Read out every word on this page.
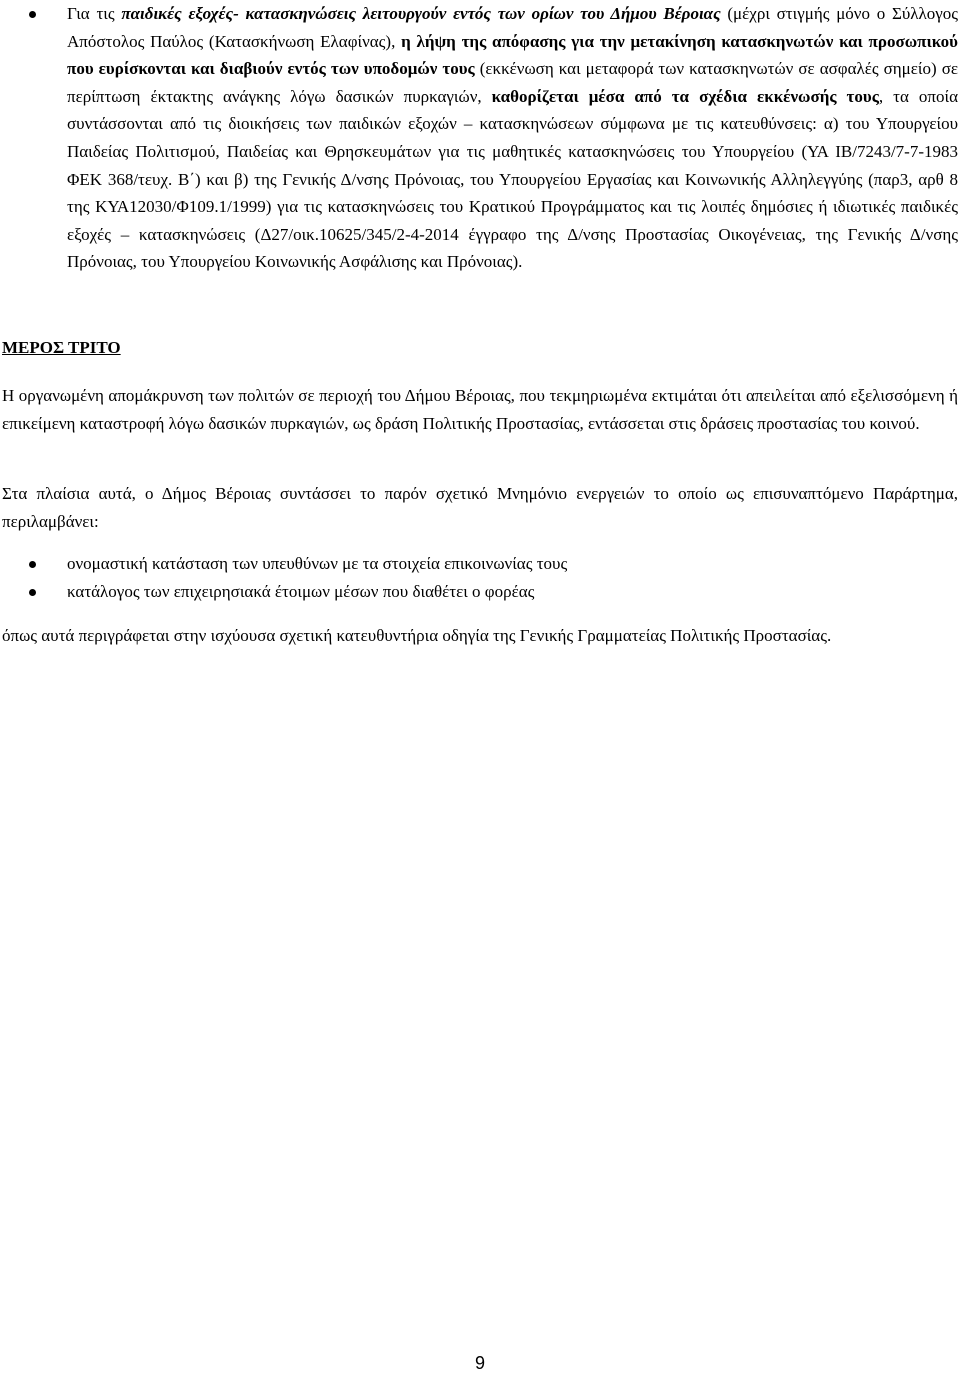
Για τις παιδικές εξοχές- κατασκηνώσεις λειτουργούν εντός των ορίων του Δήμου Βέροιας (μέχρι στιγμής μόνο ο Σύλλογος Απόστολος Παύλος (Κατασκήνωση Ελαφίνας), η λήψη της απόφασης για την μετακίνηση κατασκηνωτών και προσωπικού που ευρίσκονται και διαβιούν εντός των υποδομών τους (εκκένωση και μεταφορά των κατασκηνωτών σε ασφαλές σημείο) σε περίπτωση έκτακτης ανάγκης λόγω δασικών πυρκαγιών, καθορίζεται μέσα από τα σχέδια εκκένωσής τους, τα οποία συντάσσονται από τις διοικήσεις των παιδικών εξοχών – κατασκηνώσεων σύμφωνα με τις κατευθύνσεις: α) του Υπουργείου Παιδείας Πολιτισμού, Παιδείας και Θρησκευμάτων για τις μαθητικές κατασκηνώσεις του Υπουργείου (ΥΑ ΙΒ/7243/7-7-1983 ΦΕΚ 368/τευχ. Β΄) και β) της Γενικής Δ/νσης Πρόνοιας, του Υπουργείου Εργασίας και Κοινωνικής Αλληλεγγύης (παρ3, αρθ 8 της ΚΥΑ12030/Φ109.1/1999) για τις κατασκηνώσεις του Κρατικού Προγράμματος και τις λοιπές δημόσιες ή ιδιωτικές παιδικές εξοχές – κατασκηνώσεις (Δ27/οικ.10625/345/2-4-2014 έγγραφο της Δ/νσης Προστασίας Οικογένειας, της Γενικής Δ/νσης Πρόνοιας, του Υπουργείου Κοινωνικής Ασφάλισης και Πρόνοιας).
ΜΕΡΟΣ ΤΡΙΤΟ
Η οργανωμένη απομάκρυνση των πολιτών σε περιοχή του Δήμου Βέροιας, που τεκμηριωμένα εκτιμάται ότι απειλείται από εξελισσόμενη ή επικείμενη καταστροφή λόγω δασικών πυρκαγιών, ως δράση Πολιτικής Προστασίας, εντάσσεται στις δράσεις προστασίας του κοινού.
Στα πλαίσια αυτά, ο Δήμος Βέροιας συντάσσει το παρόν σχετικό Μνημόνιο ενεργειών το οποίο ως επισυναπτόμενο Παράρτημα, περιλαμβάνει:
ονομαστική κατάσταση των υπευθύνων με τα στοιχεία επικοινωνίας τους
κατάλογος των επιχειρησιακά έτοιμων μέσων που διαθέτει ο φορέας
όπως αυτά περιγράφεται στην ισχύουσα σχετική κατευθυντήρια οδηγία της Γενικής Γραμματείας Πολιτικής Προστασίας.
9
